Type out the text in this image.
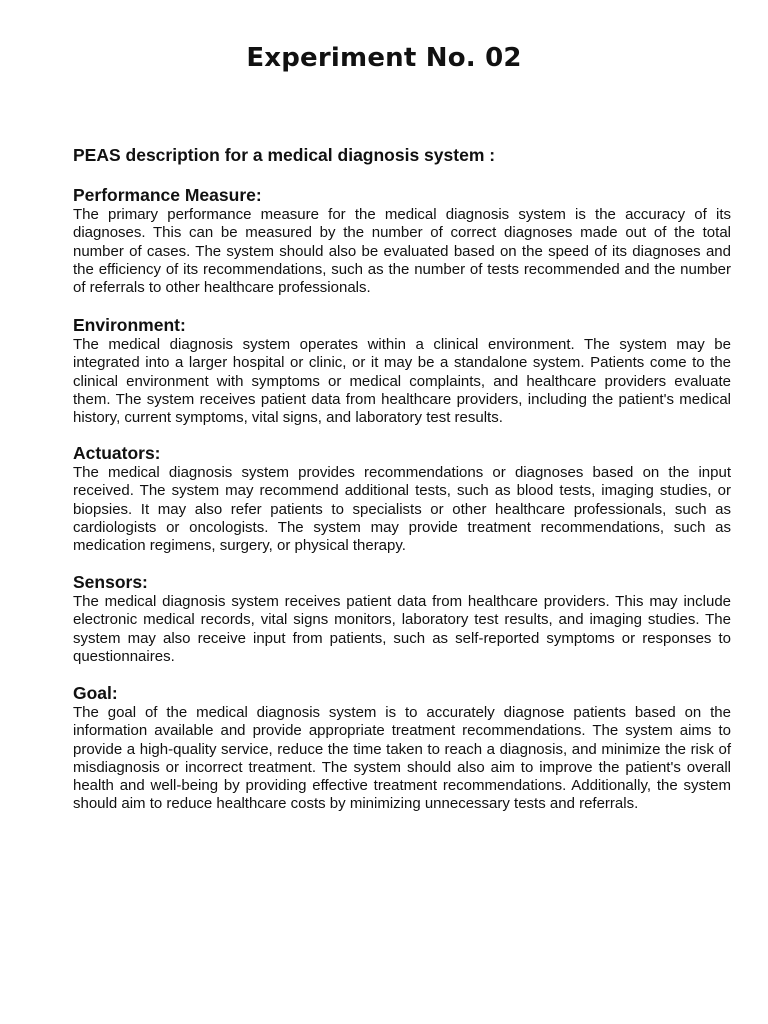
Experiment No. 02
PEAS description for a medical diagnosis system :
Performance Measure:

The primary performance measure for the medical diagnosis system is the accuracy of its diagnoses. This can be measured by the number of correct diagnoses made out of the total number of cases. The system should also be evaluated based on the speed of its diagnoses and the efficiency of its recommendations, such as the number of tests recommended and the number of referrals to other healthcare professionals.

Environment:

The medical diagnosis system operates within a clinical environment. The system may be integrated into a larger hospital or clinic, or it may be a standalone system. Patients come to the clinical environment with symptoms or medical complaints, and healthcare providers evaluate them. The system receives patient data from healthcare providers, including the patient's medical history, current symptoms, vital signs, and laboratory test results.

Actuators:

The medical diagnosis system provides recommendations or diagnoses based on the input received. The system may recommend additional tests, such as blood tests, imaging studies, or biopsies. It may also refer patients to specialists or other healthcare professionals, such as cardiologists or oncologists. The system may provide treatment recommendations, such as medication regimens, surgery, or physical therapy.

Sensors:

The medical diagnosis system receives patient data from healthcare providers. This may include electronic medical records, vital signs monitors, laboratory test results, and imaging studies. The system may also receive input from patients, such as self-reported symptoms or responses to questionnaires.

Goal:

The goal of the medical diagnosis system is to accurately diagnose patients based on the information available and provide appropriate treatment recommendations. The system aims to provide a high-quality service, reduce the time taken to reach a diagnosis, and minimize the risk of misdiagnosis or incorrect treatment. The system should also aim to improve the patient's overall health and well-being by providing effective treatment recommendations. Additionally, the system should aim to reduce healthcare costs by minimizing unnecessary tests and referrals.
